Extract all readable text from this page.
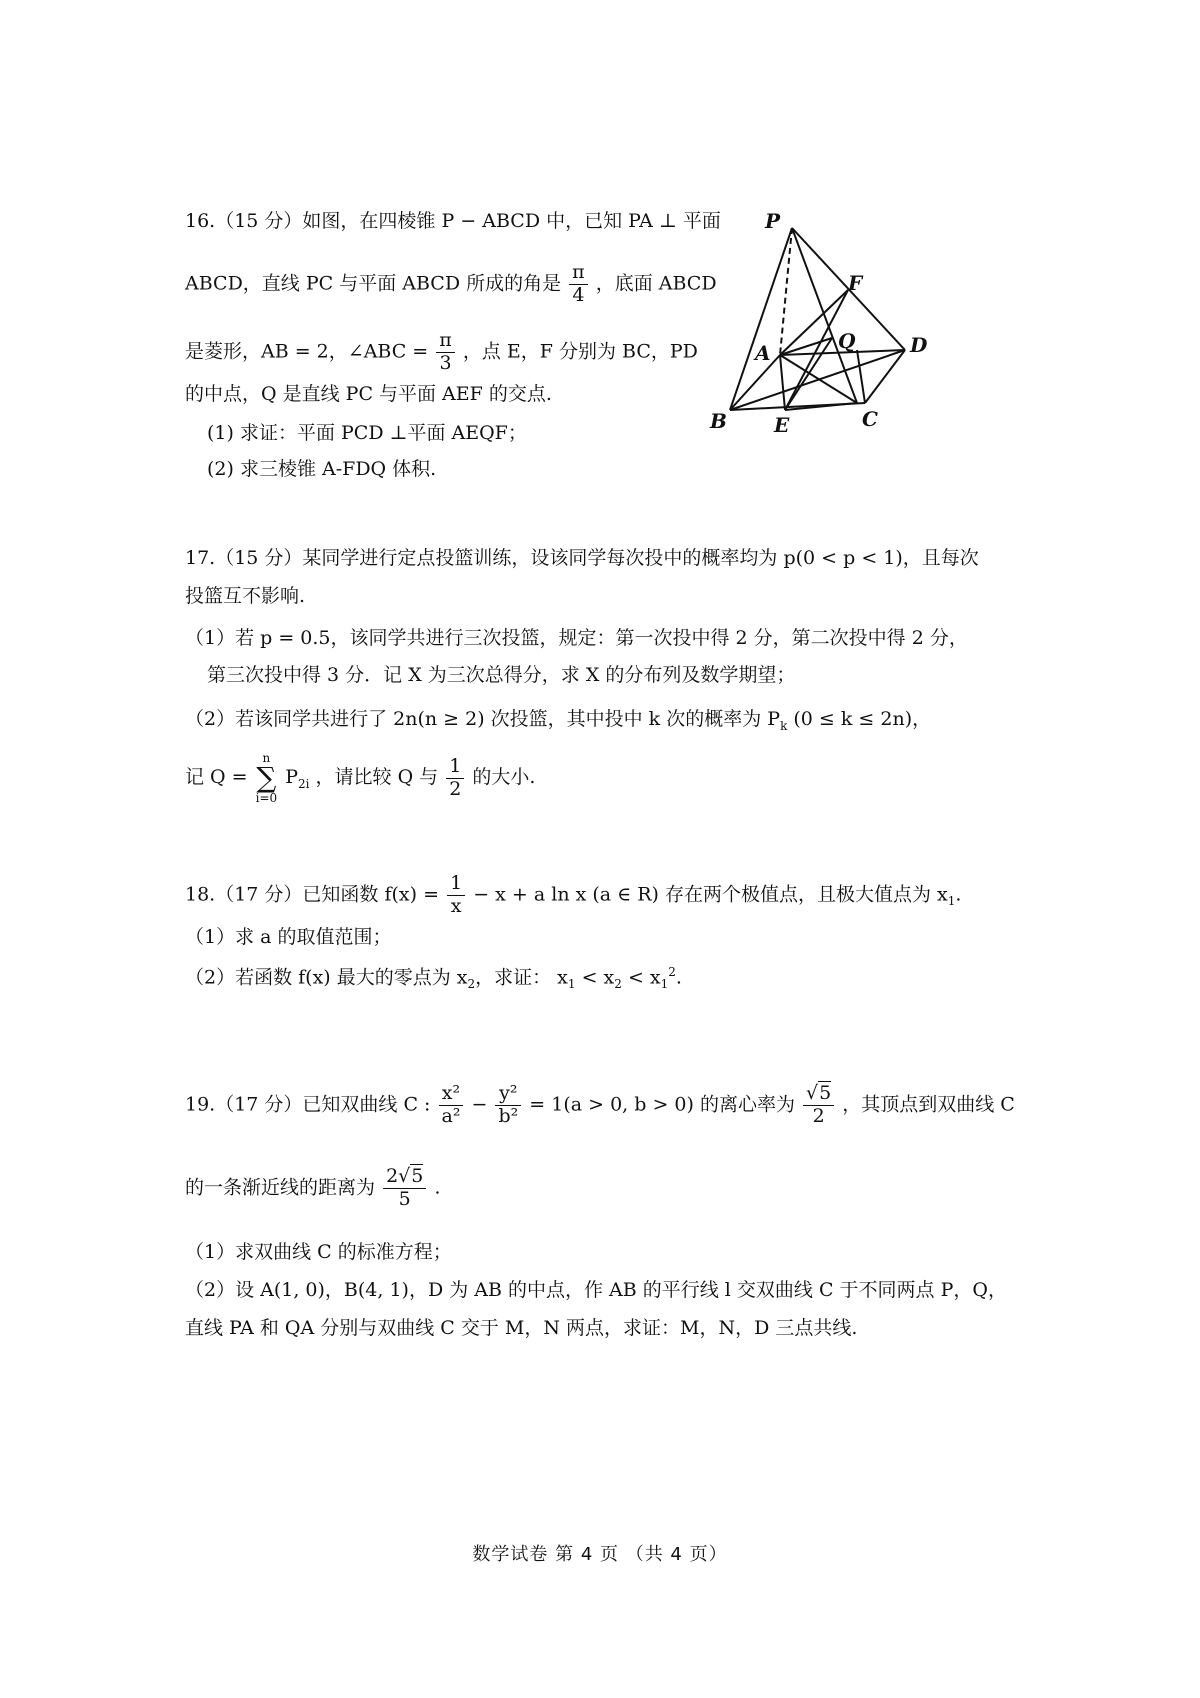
16.（15 分）如图，在四棱锥 P − ABCD 中，已知 PA ⊥ 平面
ABCD，直线 PC 与平面 ABCD 所成的角是 $\frac{\pi}{4}$ ，底面 ABCD
是菱形，AB = 2，∠ABC = $\frac{\pi}{3}$ ，点 E，F 分别为 BC，PD
的中点，Q 是直线 PC 与平面 AEF 的交点.
(1) 求证：平面 PCD ⊥平面 AEQF；
(2) 求三棱锥 A-FDQ 体积.
P
F
A	Q	D
B E	C
17.（15 分）某同学进行定点投篮训练，设该同学每次投中的概率均为 p(0 < p < 1)，且每次
投篮互不影响.
（1）若 p = 0.5，该同学共进行三次投篮，规定：第一次投中得 2 分，第二次投中得 2 分，
第三次投中得 3 分．记 X 为三次总得分，求 X 的分布列及数学期望；
（2）若该同学共进行了 2n(n ≥ 2) 次投篮，其中投中 k 次的概率为 $P_k$ (0 ≤ k ≤ 2n)，
记 Q = n
∑
i=0 $P_{2i}$ ，请比较 Q 与 $\frac{1}{2}$ 的大小.
18.（17 分）已知函数 $f(x) = \frac{1}{x} - x + a$ ln x (a ∈ R) 存在两个极值点，且极大值点为 $x_1$.
（1）求 a 的取值范围；
（2）若函数 f(x) 最大的零点为 $x_2$，求证： $x_1 < x_2 < x_1^2$.
19.（17 分）已知双曲线 C : $\frac{\text{x²}}{\text{a²}} - \frac{\text{y²}}{\text{b²}} = 1(a > 0$, b > 0) 的离心率为 $\frac{√5}{2}$ ，其顶点到双曲线 C
的一条渐近线的距离为 $\frac{2√5}{5}$ .
（1）求双曲线 C 的标准方程；
（2）设 A(1, 0)，B(4, 1)，D 为 AB 的中点，作 AB 的平行线 l 交双曲线 C 于不同两点 P，Q，
直线 PA 和 QA 分别与双曲线 C 交于 M，N 两点，求证：M，N，D 三点共线.
数学试卷 第 4 页 （共 4 页）
